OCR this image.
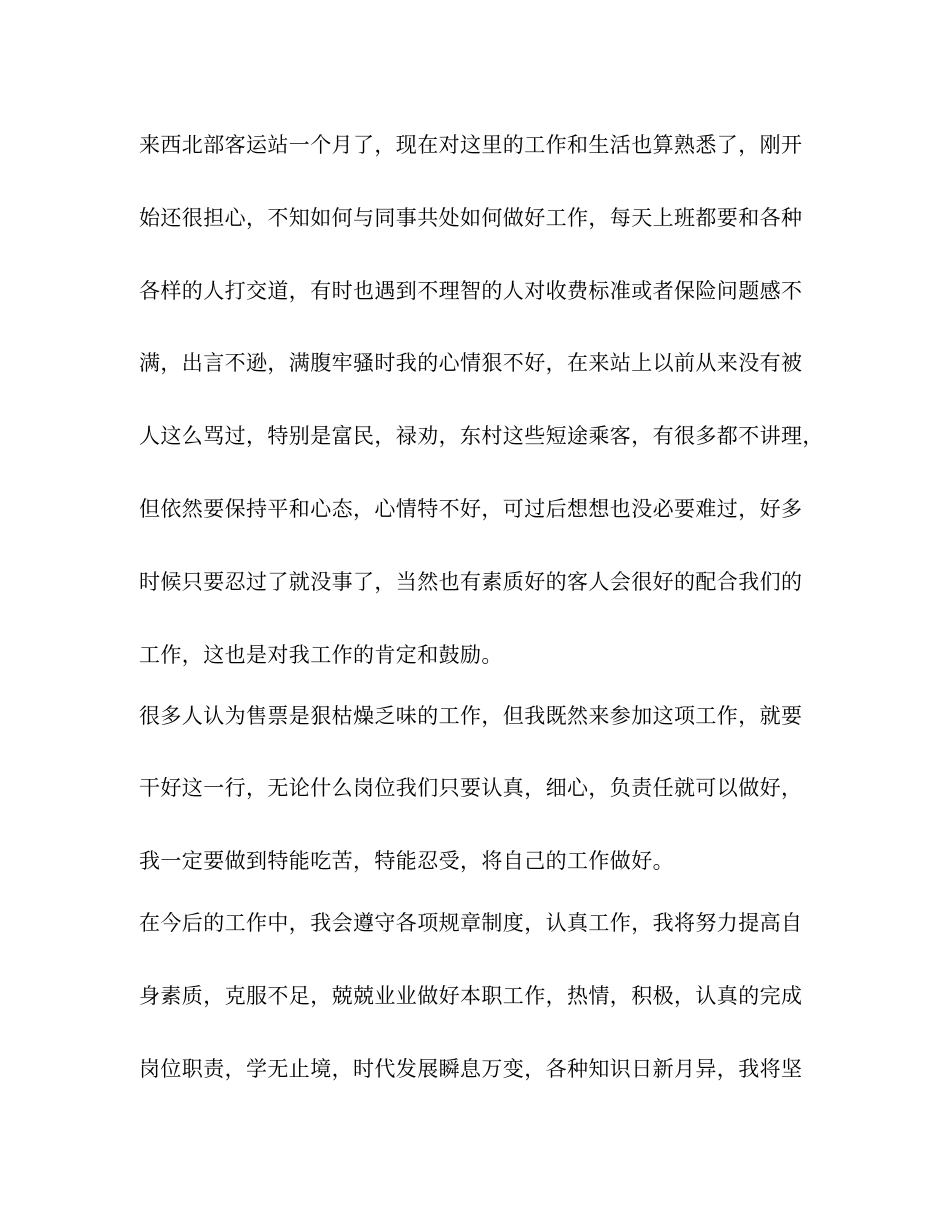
来西北部客运站一个月了，现在对这里的工作和生活也算熟悉了，刚开
始还很担心，不知如何与同事共处如何做好工作，每天上班都要和各种
各样的人打交道，有时也遇到不理智的人对收费标准或者保险问题感不
满，出言不逊，满腹牢骚时我的心情狠不好，在来站上以前从来没有被
人这么骂过，特别是富民，禄劝，东村这些短途乘客，有很多都不讲理，
但依然要保持平和心态，心情特不好，可过后想想也没必要难过，好多
时候只要忍过了就没事了，当然也有素质好的客人会很好的配合我们的
工作，这也是对我工作的肯定和鼓励。
很多人认为售票是狠枯燥乏味的工作，但我既然来参加这项工作，就要
干好这一行，无论什么岗位我们只要认真，细心，负责任就可以做好，
我一定要做到特能吃苦，特能忍受，将自己的工作做好。
在今后的工作中，我会遵守各项规章制度，认真工作，我将努力提高自
身素质，克服不足，兢兢业业做好本职工作，热情，积极，认真的完成
岗位职责，学无止境，时代发展瞬息万变，各种知识日新月异，我将坚
